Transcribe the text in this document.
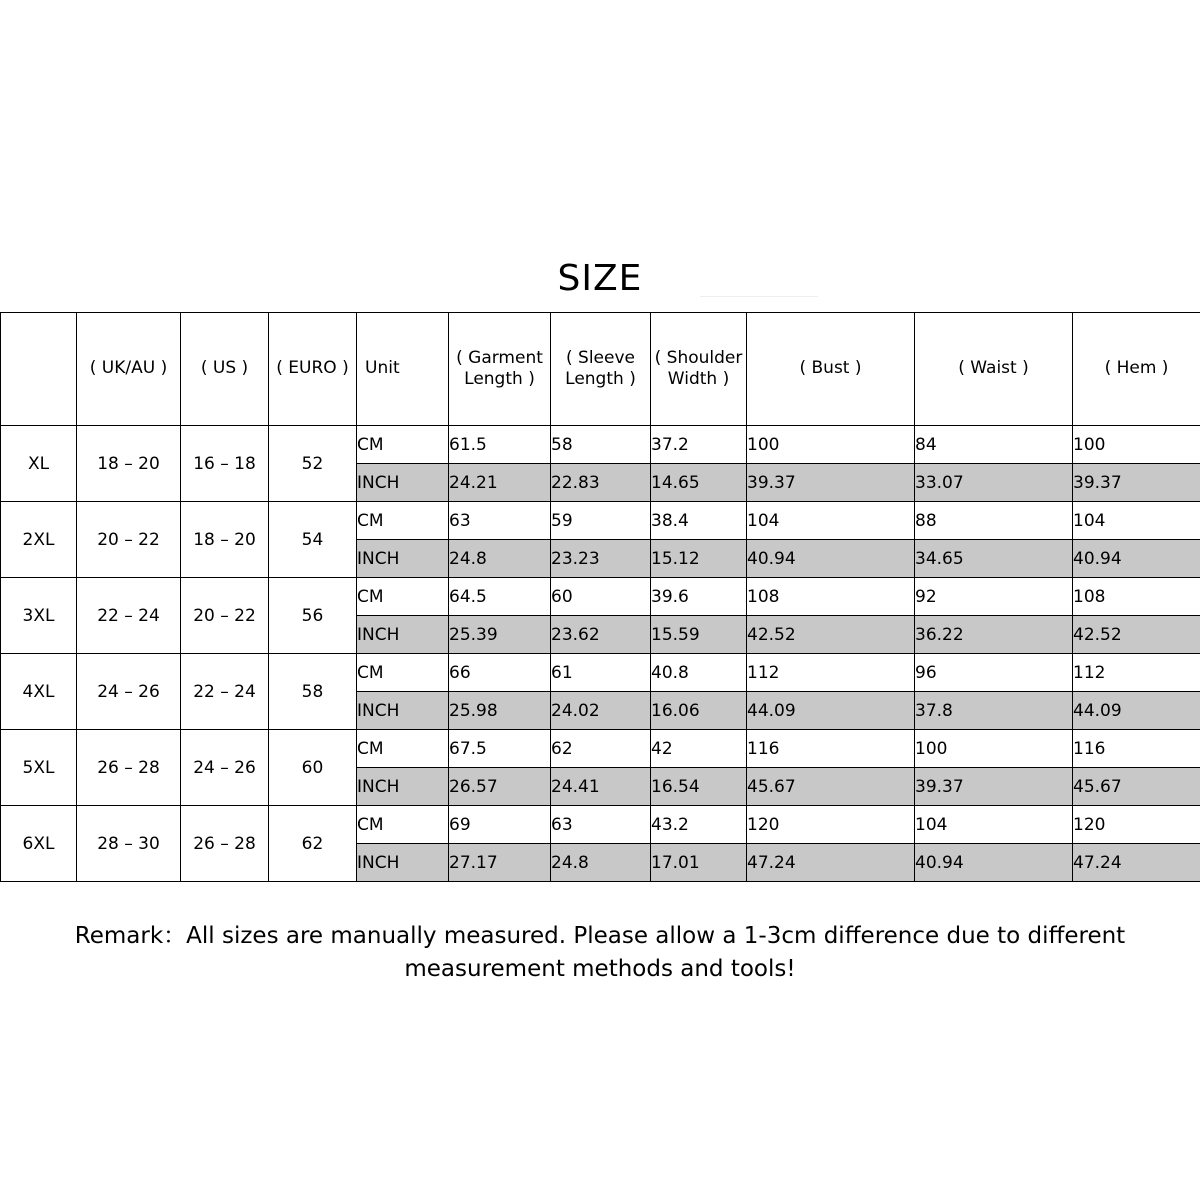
SIZE
	( UK/AU )	( US )	( EURO )	Unit	( Garment Length )	( Sleeve Length )	( Shoulder Width )	( Bust )	( Waist )	( Hem )
XL	18 – 20	16 – 18	52	CM	61.5	58	37.2	100	84	100
				INCH	24.21	22.83	14.65	39.37	33.07	39.37
2XL	20 – 22	18 – 20	54	CM	63	59	38.4	104	88	104
				INCH	24.8	23.23	15.12	40.94	34.65	40.94
3XL	22 – 24	20 – 22	56	CM	64.5	60	39.6	108	92	108
				INCH	25.39	23.62	15.59	42.52	36.22	42.52
4XL	24 – 26	22 – 24	58	CM	66	61	40.8	112	96	112
				INCH	25.98	24.02	16.06	44.09	37.8	44.09
5XL	26 – 28	24 – 26	60	CM	67.5	62	42	116	100	116
				INCH	26.57	24.41	16.54	45.67	39.37	45.67
6XL	28 – 30	26 – 28	62	CM	69	63	43.2	120	104	120
				INCH	27.17	24.8	17.01	47.24	40.94	47.24
Remark：All sizes are manually measured. Please allow a 1-3cm difference due to different measurement methods and tools!
